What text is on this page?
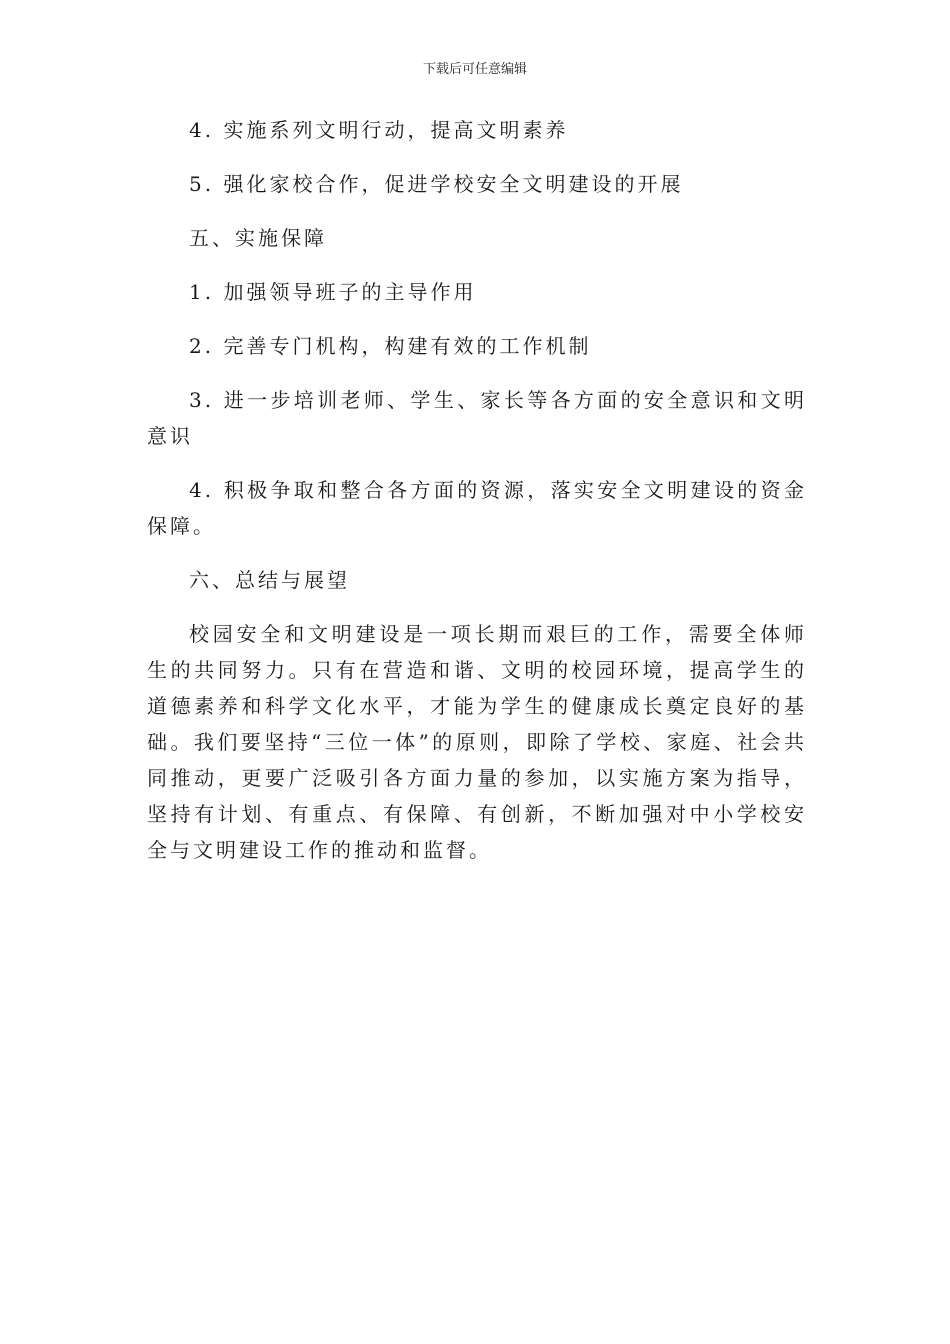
下载后可任意编辑

4. 实施系列文明行动，提高文明素养

5. 强化家校合作，促进学校安全文明建设的开展

五、实施保障

1. 加强领导班子的主导作用

2. 完善专门机构，构建有效的工作机制

3. 进一步培训老师、学生、家长等各方面的安全意识和文明意识

4. 积极争取和整合各方面的资源，落实安全文明建设的资金保障。

六、总结与展望

校园安全和文明建设是一项长期而艰巨的工作，需要全体师生的共同努力。只有在营造和谐、文明的校园环境，提高学生的道德素养和科学文化水平，才能为学生的健康成长奠定良好的基础。我们要坚持“三位一体”的原则，即除了学校、家庭、社会共同推动，更要广泛吸引各方面力量的参加，以实施方案为指导，坚持有计划、有重点、有保障、有创新，不断加强对中小学校安全与文明建设工作的推动和监督。
